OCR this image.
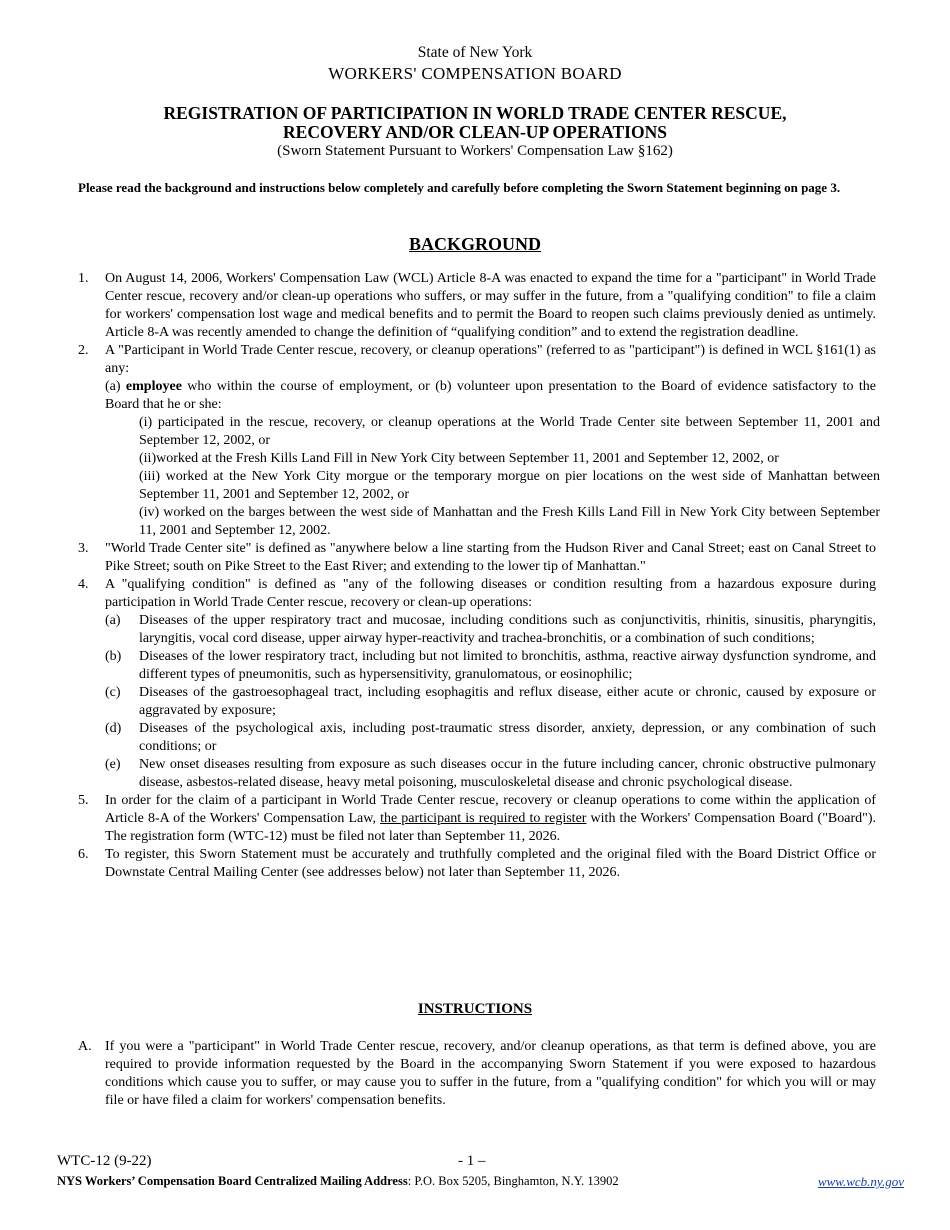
State of New York
WORKERS' COMPENSATION BOARD
REGISTRATION OF PARTICIPATION IN WORLD TRADE CENTER RESCUE,
RECOVERY AND/OR CLEAN-UP OPERATIONS
(Sworn Statement Pursuant to Workers' Compensation Law §162)
Please read the background and instructions below completely and carefully before completing the Sworn Statement beginning on page 3.
BACKGROUND
1. On August 14, 2006, Workers' Compensation Law (WCL) Article 8-A was enacted to expand the time for a "participant" in World Trade Center rescue, recovery and/or clean-up operations who suffers, or may suffer in the future, from a "qualifying condition" to file a claim for workers' compensation lost wage and medical benefits and to permit the Board to reopen such claims previously denied as untimely. Article 8-A was recently amended to change the definition of “qualifying condition” and to extend the registration deadline.

2. A "Participant in World Trade Center rescue, recovery, or cleanup operations" (referred to as "participant") is defined in WCL §161(1) as any:

(a) employee who within the course of employment, or (b) volunteer upon presentation to the Board of evidence satisfactory to the Board that he or she:

(i) participated in the rescue, recovery, or cleanup operations at the World Trade Center site between September 11, 2001 and September 12, 2002, or

(ii)worked at the Fresh Kills Land Fill in New York City between September 11, 2001 and September 12, 2002, or

(iii) worked at the New York City morgue or the temporary morgue on pier locations on the west side of Manhattan between September 11, 2001 and September 12, 2002, or

(iv) worked on the barges between the west side of Manhattan and the Fresh Kills Land Fill in New York City between September 11, 2001 and September 12, 2002.

3. "World Trade Center site" is defined as "anywhere below a line starting from the Hudson River and Canal Street; east on Canal Street to Pike Street; south on Pike Street to the East River; and extending to the lower tip of Manhattan."

4. A "qualifying condition" is defined as "any of the following diseases or condition resulting from a hazardous exposure during participation in World Trade Center rescue, recovery or clean-up operations:

(a) Diseases of the upper respiratory tract and mucosae, including conditions such as conjunctivitis, rhinitis, sinusitis, pharyngitis, laryngitis, vocal cord disease, upper airway hyper-reactivity and trachea-bronchitis, or a combination of such conditions;

(b) Diseases of the lower respiratory tract, including but not limited to bronchitis, asthma, reactive airway dysfunction syndrome, and different types of pneumonitis, such as hypersensitivity, granulomatous, or eosinophilic;

(c) Diseases of the gastroesophageal tract, including esophagitis and reflux disease, either acute or chronic, caused by exposure or aggravated by exposure;

(d) Diseases of the psychological axis, including post-traumatic stress disorder, anxiety, depression, or any combination of such conditions; or

(e) New onset diseases resulting from exposure as such diseases occur in the future including cancer, chronic obstructive pulmonary disease, asbestos-related disease, heavy metal poisoning, musculoskeletal disease and chronic psychological disease.

5. In order for the claim of a participant in World Trade Center rescue, recovery or cleanup operations to come within the application of Article 8-A of the Workers' Compensation Law, the participant is required to register with the Workers' Compensation Board ("Board"). The registration form (WTC-12) must be filed not later than September 11, 2026.

6. To register, this Sworn Statement must be accurately and truthfully completed and the original filed with the Board District Office or Downstate Central Mailing Center (see addresses below) not later than September 11, 2026.

INSTRUCTIONS
A. If you were a "participant" in World Trade Center rescue, recovery, and/or cleanup operations, as that term is defined above, you are required to provide information requested by the Board in the accompanying Sworn Statement if you were exposed to hazardous conditions which cause you to suffer, or may cause you to suffer in the future, from a "qualifying condition" for which you will or may file or have filed a claim for workers' compensation benefits.

WTC-12 (9-22)	- 1 –
NYS Workers’ Compensation Board Centralized Mailing Address: P.O. Box 5205, Binghamton, N.Y. 13902	www.wcb.ny.gov
